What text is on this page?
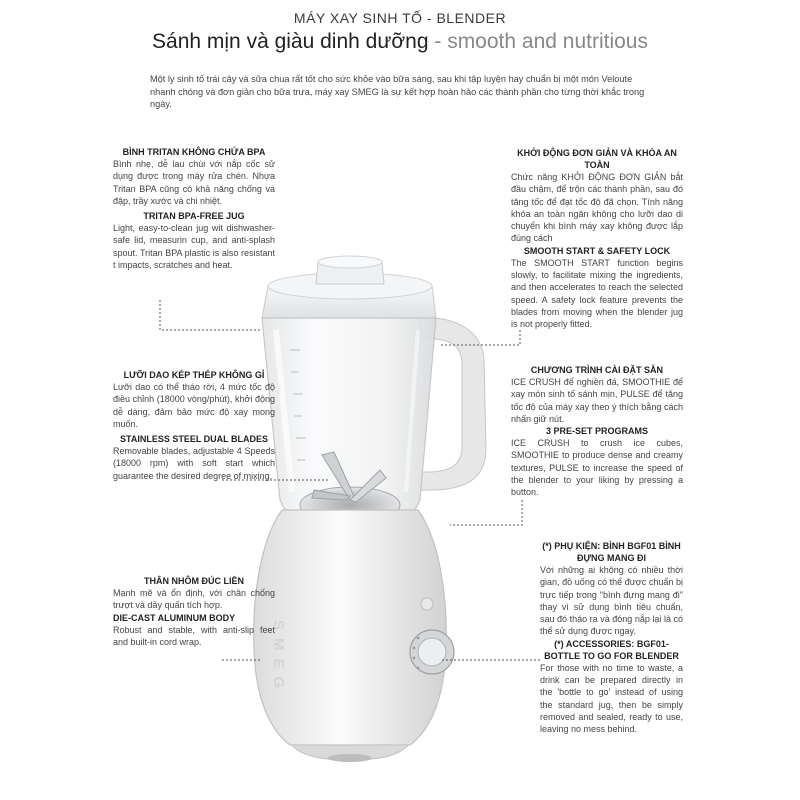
MÁY XAY SINH TỐ - BLENDER
Sánh mịn và giàu dinh dưỡng - smooth and nutritious
Một ly sinh tố trái cây và sữa chua rất tốt cho sức khỏe vào bữa sáng, sau khi tập luyện hay chuẩn bị một món Veloute nhanh chóng và đơn giản cho bữa trưa, máy xay SMEG là sự kết hợp hoàn hảo các thành phần cho từng thời khắc trong ngày.
SMEG
BÌNH TRITAN KHÔNG CHỨA BPA
Bình nhẹ, dễ lau chùi với nắp cốc sử dụng được trong máy rửa chén. Nhựa Tritan BPA cũng có khả năng chống va đập, trầy xước và chi nhiệt.
TRITAN BPA-FREE JUG
Light, easy-to-clean jug wit dishwasher-safe lid, measurin cup, and anti-splash spout. Tritan BPA plastic is also resistant t impacts, scratches and heat.
LƯỠI DAO KÉP THÉP KHÔNG GỈ
Lưỡi dao có thể tháo rời, 4 mức tốc độ điều chỉnh (18000 vòng/phút), khởi động dễ dàng, đảm bảo mức độ xay mong muốn.
STAINLESS STEEL DUAL BLADES
Removable blades, adjustable 4 Speeds (18000 rpm) with soft start which guarantee the desired degree of mixing.
THÂN NHÔM ĐÚC LIỀN
Mạnh mẽ và ổn định, với chân chống trượt và dây quấn tích hợp.
DIE-CAST ALUMINUM BODY
Robust and stable, with anti-slip feet and built-in cord wrap.
KHỞI ĐỘNG ĐƠN GIẢN VÀ KHÓA AN TOÀN
Chức năng KHỞI ĐỘNG ĐƠN GIẢN bắt đầu chậm, để trộn các thành phần, sau đó tăng tốc để đạt tốc độ đã chọn. Tính năng khóa an toàn ngăn không cho lưỡi dao di chuyển khi bình máy xay không được lắp đúng cách
SMOOTH START & SAFETY LOCK
The SMOOTH START function begins slowly, to facilitate mixing the ingredients, and then accelerates to reach the selected speed. A safety lock feature prevents the blades from moving when the blender jug is not properly fitted.
CHƯƠNG TRÌNH CÀI ĐẶT SẴN
ICE CRUSH để nghiền đá, SMOOTHIE để xay món sinh tố sánh mịn, PULSE để tăng tốc độ của máy xay theo ý thích bằng cách nhấn giữ nút.
3 PRE-SET PROGRAMS
ICE CRUSH to crush ice cubes, SMOOTHIE to produce dense and creamy textures, PULSE to increase the speed of the blender to your liking by pressing a button.
(*) PHỤ KIỆN: BÌNH BGF01 BÌNH ĐỰNG MANG ĐI
Với những ai không có nhiều thời gian, đồ uống có thể được chuẩn bị trực tiếp trong "bình đựng mang đi" thay vì sử dụng bình tiêu chuẩn, sau đó tháo ra và đóng nắp lại là có thể sử dụng được ngay.
(*) ACCESSORIES: BGF01- BOTTLE TO GO FOR BLENDER
For those with no time to waste, a drink can be prepared directly in the 'bottle to go' instead of using the standard jug, then be simply removed and sealed, ready to use, leaving no mess behind.
